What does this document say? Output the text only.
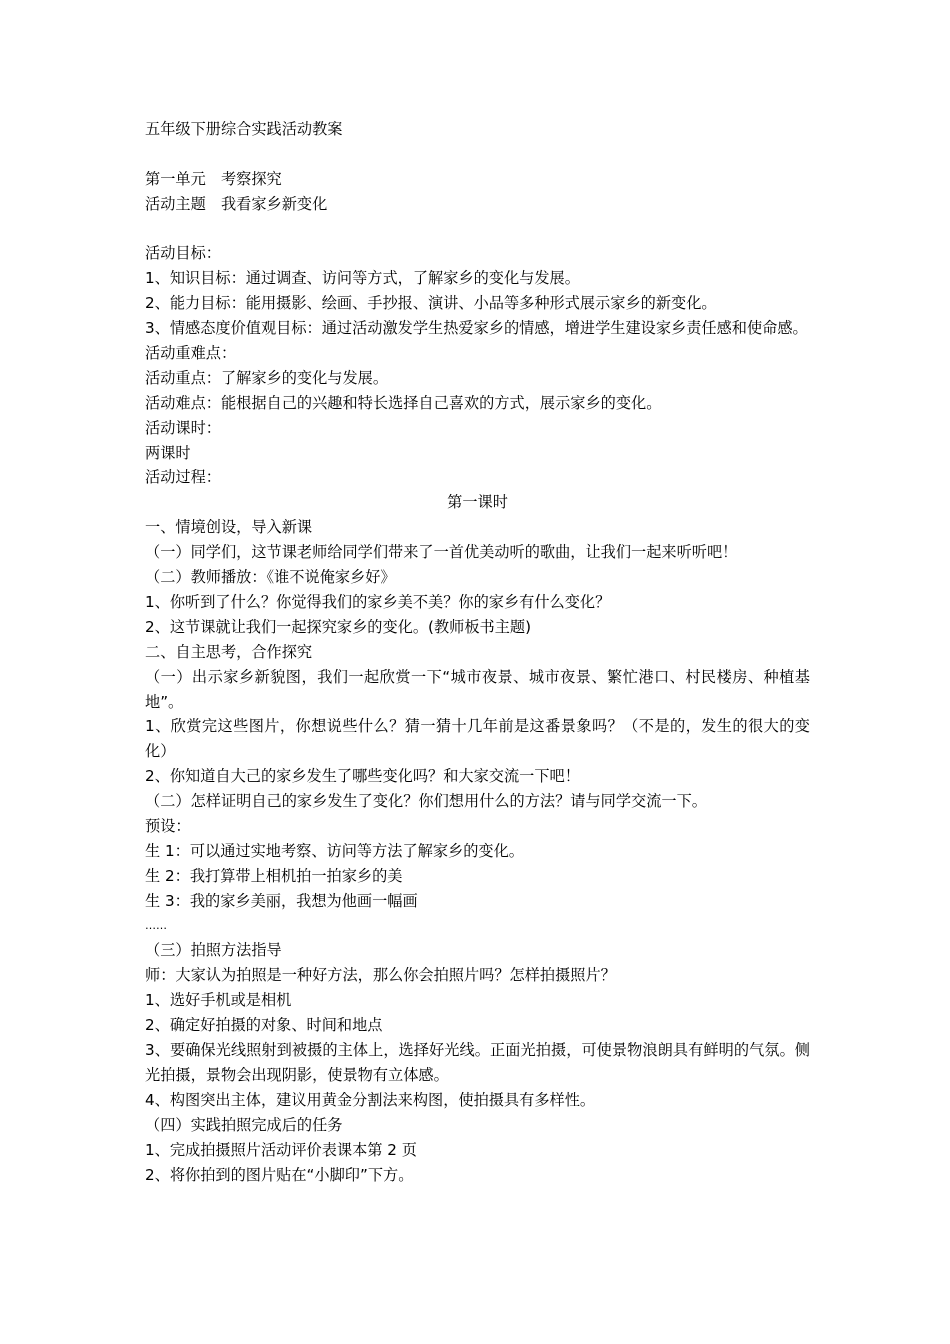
五年级下册综合实践活动教案
第一单元　考察探究
活动主题　我看家乡新变化
活动目标：
1、知识目标：通过调查、访问等方式，了解家乡的变化与发展。
2、能力目标：能用摄影、绘画、手抄报、演讲、小品等多种形式展示家乡的新变化。
3、情感态度价值观目标：通过活动激发学生热爱家乡的情感，增进学生建设家乡责任感和使命感。
活动重难点：
活动重点：了解家乡的变化与发展。
活动难点：能根据自己的兴趣和特长选择自己喜欢的方式，展示家乡的变化。
活动课时：
两课时
活动过程：
第一课时
一、情境创设，导入新课
（一）同学们，这节课老师给同学们带来了一首优美动听的歌曲，让我们一起来听听吧！
（二）教师播放：《谁不说俺家乡好》
1、你听到了什么？你觉得我们的家乡美不美？你的家乡有什么变化？
2、这节课就让我们一起探究家乡的变化。(教师板书主题)
二、自主思考，合作探究
（一）出示家乡新貌图，我们一起欣赏一下“城市夜景、城市夜景、繁忙港口、村民楼房、种植基地”。
1、欣赏完这些图片，你想说些什么？猜一猜十几年前是这番景象吗？（不是的，发生的很大的变化）
2、你知道自大己的家乡发生了哪些变化吗？和大家交流一下吧！
（二）怎样证明自己的家乡发生了变化？你们想用什么的方法？请与同学交流一下。
预设：
生 1：可以通过实地考察、访问等方法了解家乡的变化。
生 2：我打算带上相机拍一拍家乡的美
生 3：我的家乡美丽，我想为他画一幅画
……
（三）拍照方法指导
师：大家认为拍照是一种好方法，那么你会拍照片吗？怎样拍摄照片？
1、选好手机或是相机
2、确定好拍摄的对象、时间和地点
3、要确保光线照射到被摄的主体上，选择好光线。正面光拍摄，可使景物浪朗具有鲜明的气氛。侧光拍摄，景物会出现阴影，使景物有立体感。
4、构图突出主体，建议用黄金分割法来构图，使拍摄具有多样性。
（四）实践拍照完成后的任务
1、完成拍摄照片活动评价表课本第 2 页
2、将你拍到的图片贴在“小脚印”下方。
